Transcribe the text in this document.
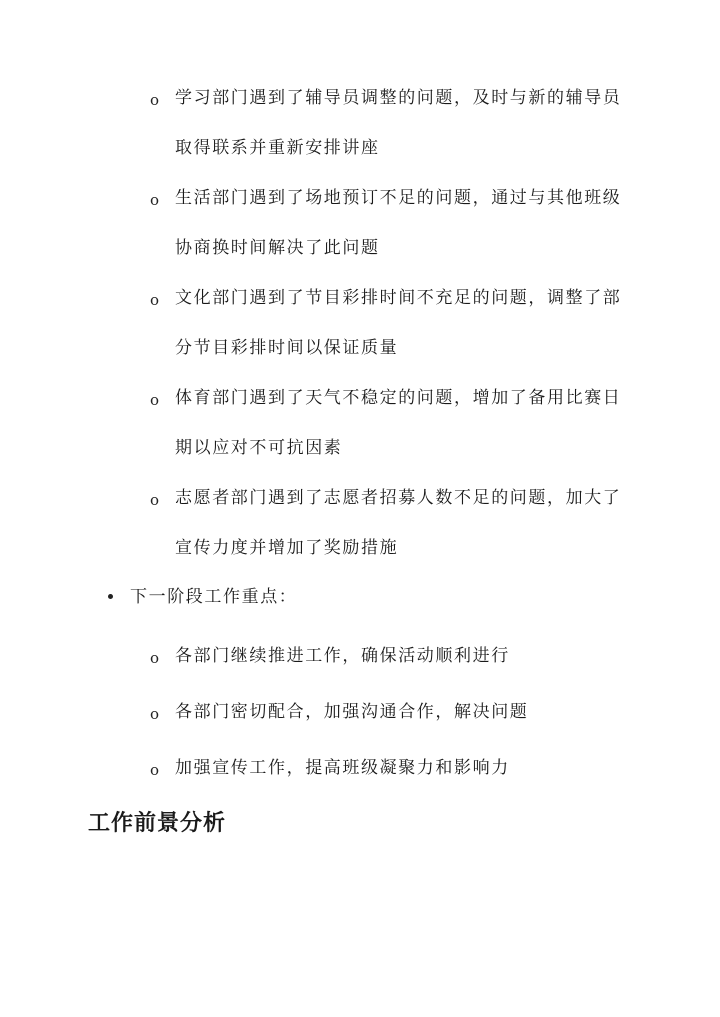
o 学习部门遇到了辅导员调整的问题，及时与新的辅导员取得联系并重新安排讲座
o 生活部门遇到了场地预订不足的问题，通过与其他班级协商换时间解决了此问题
o 文化部门遇到了节目彩排时间不充足的问题，调整了部分节目彩排时间以保证质量
o 体育部门遇到了天气不稳定的问题，增加了备用比赛日期以应对不可抗因素
o 志愿者部门遇到了志愿者招募人数不足的问题，加大了宣传力度并增加了奖励措施
下一阶段工作重点：
o 各部门继续推进工作，确保活动顺利进行
o 各部门密切配合，加强沟通合作，解决问题
o 加强宣传工作，提高班级凝聚力和影响力
工作前景分析
